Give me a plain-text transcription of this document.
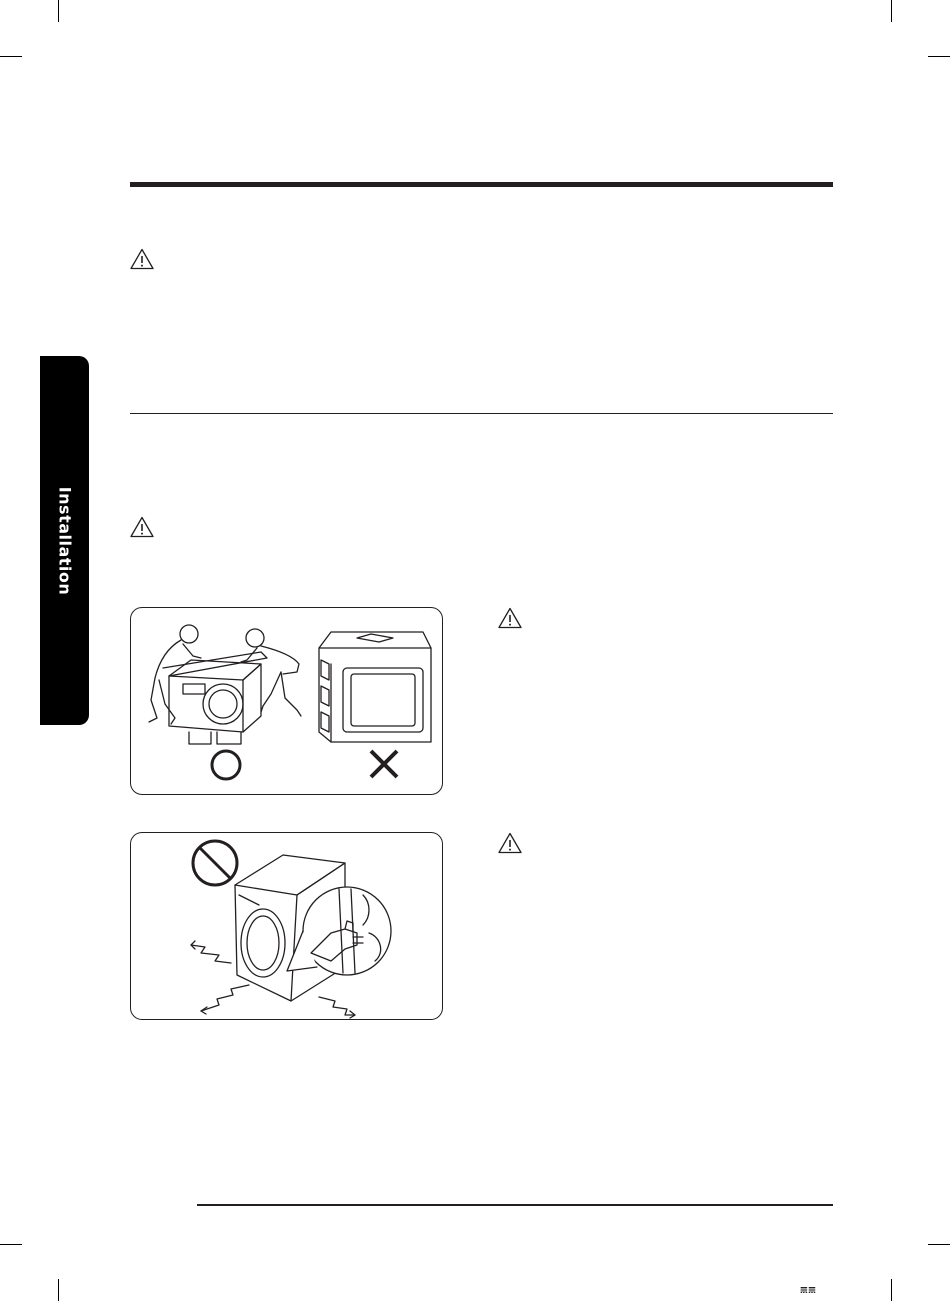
Installation
𝌈𝌈
